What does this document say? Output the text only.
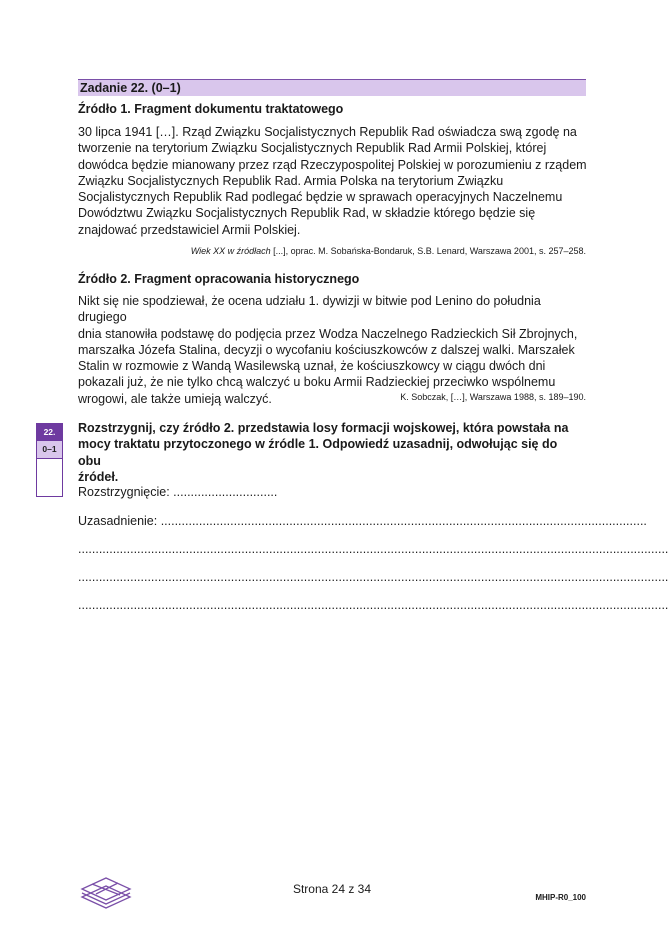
Zadanie 22. (0–1)
Źródło 1. Fragment dokumentu traktatowego
30 lipca 1941 […]. Rząd Związku Socjalistycznych Republik Rad oświadcza swą zgodę na
tworzenie na terytorium Związku Socjalistycznych Republik Rad Armii Polskiej, której
dowódca będzie mianowany przez rząd Rzeczypospolitej Polskiej w porozumieniu z rządem
Związku Socjalistycznych Republik Rad. Armia Polska na terytorium Związku
Socjalistycznych Republik Rad podlegać będzie w sprawach operacyjnych Naczelnemu
Dowództwu Związku Socjalistycznych Republik Rad, w składzie którego będzie się
znajdować przedstawiciel Armii Polskiej.
Wiek XX w źródłach [...], oprac. M. Sobańska-Bondaruk, S.B. Lenard, Warszawa 2001, s. 257–258.
Źródło 2. Fragment opracowania historycznego
Nikt się nie spodziewał, że ocena udziału 1. dywizji w bitwie pod Lenino do południa drugiego
dnia stanowiła podstawę do podjęcia przez Wodza Naczelnego Radzieckich Sił Zbrojnych,
marszałka Józefa Stalina, decyzji o wycofaniu kościuszkowców z dalszej walki. Marszałek
Stalin w rozmowie z Wandą Wasilewską uznał, że kościuszkowcy w ciągu dwóch dni
pokazali już, że nie tylko chcą walczyć u boku Armii Radzieckiej przeciwko wspólnemu
wrogowi, ale także umieją walczyć.	K. Sobczak, […], Warszawa 1988, s. 189–190.
22.
0–1
Rozstrzygnij, czy źródło 2. przedstawia losy formacji wojskowej, która powstała na
mocy traktatu przytoczonego w źródle 1. Odpowiedź uzasadnij, odwołując się do obu
źródeł.
Rozstrzygnięcie: ..............................
Uzasadnienie: ............................................................................................................................................
..........................................................................................................................................................................
..........................................................................................................................................................................
..........................................................................................................................................................................
Strona 24 z 34
MHIP-R0_100
